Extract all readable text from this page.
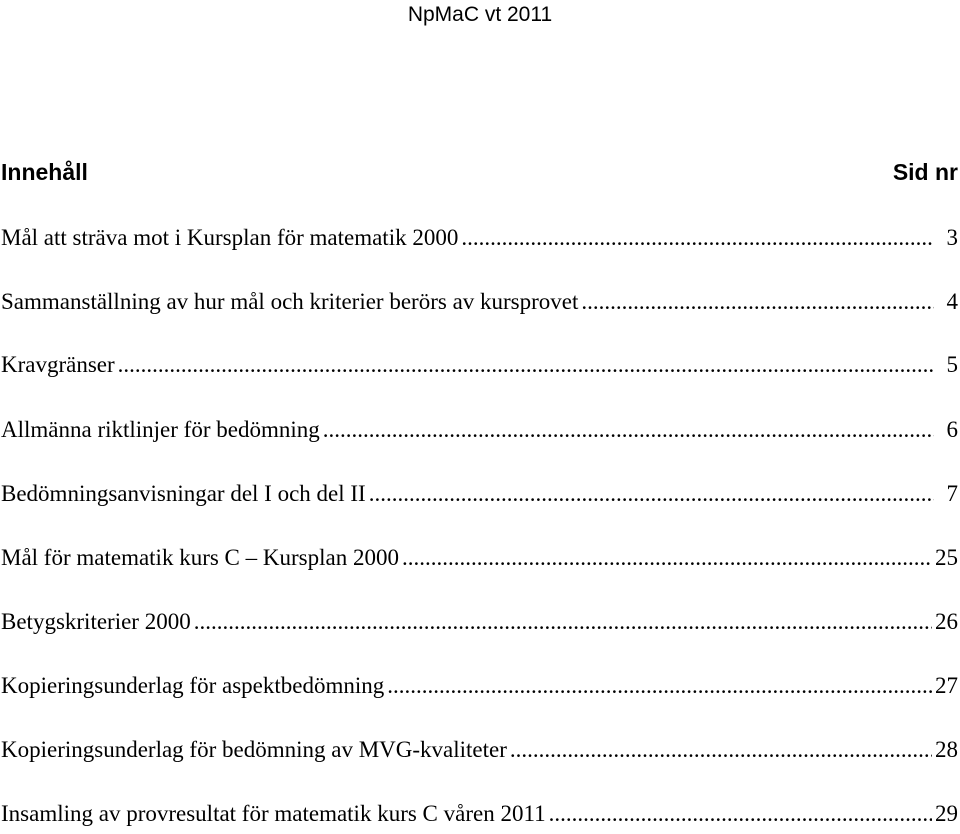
NpMaC vt 2011
Innehåll	Sid nr
Mål att sträva mot i Kursplan för matematik 2000 .....	3
Sammanställning av hur mål och kriterier berörs av kursprovet .....	4
Kravgränser .....	5
Allmänna riktlinjer för bedömning .....	6
Bedömningsanvisningar del I och del II .....	7
Mål för matematik kurs C – Kursplan 2000 .....	25
Betygskriterier 2000 .....	26
Kopieringsunderlag för aspektbedömning .....	27
Kopieringsunderlag för bedömning av MVG-kvaliteter .....	28
Insamling av provresultat för matematik kurs C våren 2011 .....	29
